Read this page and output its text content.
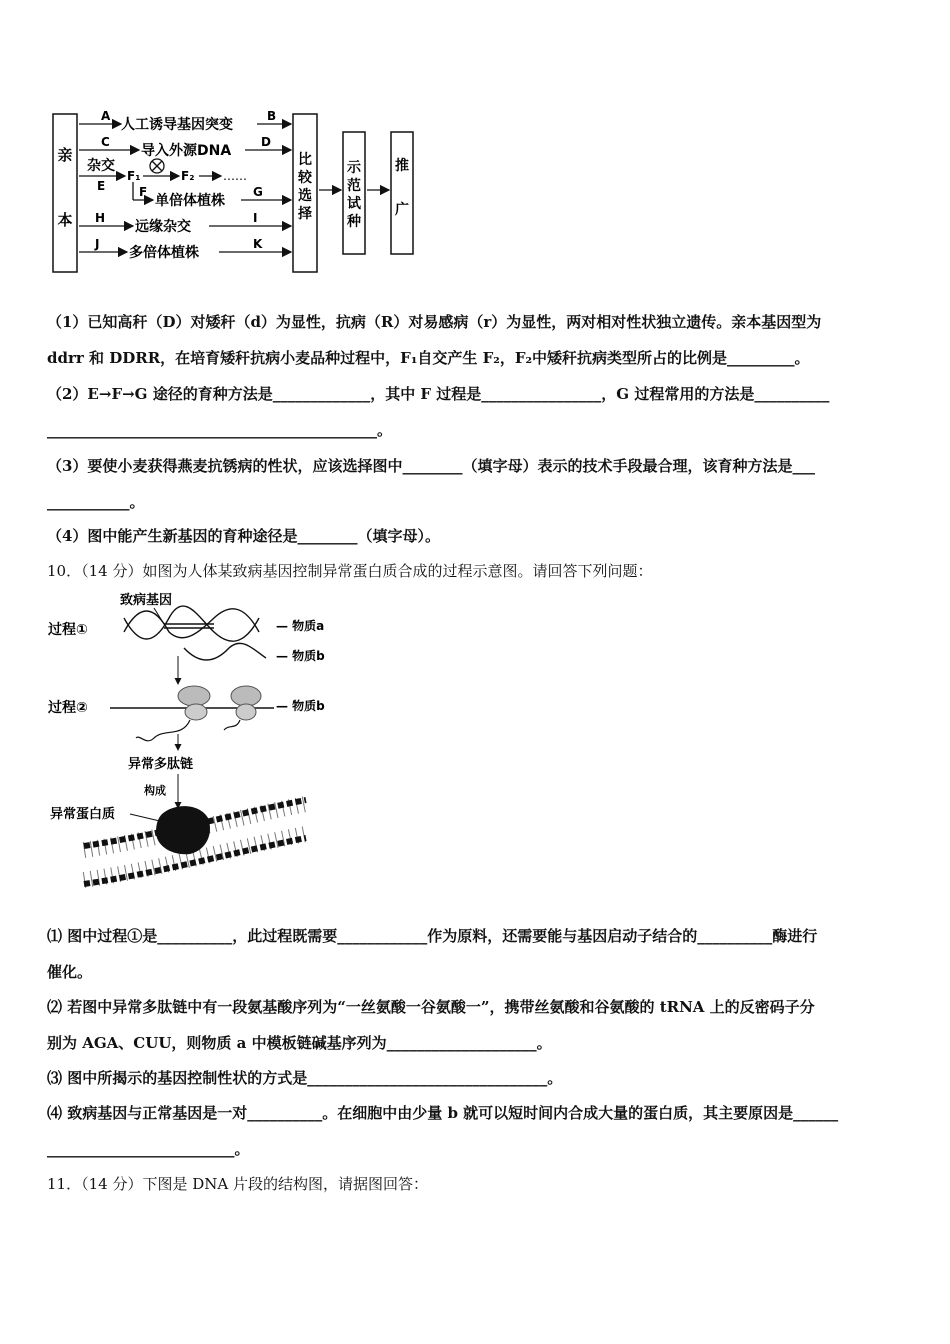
亲
本
比
较
选
择
示
范
试
种
推
广
A
人工诱导基因突变
B
C
导入外源DNA
D
杂交
E
F₁	F₂ ……
F
单倍体植株
G
H
远缘杂交
I
J
多倍体植株
K
（1）已知高秆（D）对矮秆（d）为显性，抗病（R）对易感病（r）为显性，两对相对性状独立遗传。亲本基因型为
ddrr 和 DDRR，在培育矮秆抗病小麦品种过程中，F₁自交产生 F₂，F₂中矮秆抗病类型所占的比例是_________。
（2）E→F→G 途径的育种方法是_____________，其中 F 过程是________________，G 过程常用的方法是__________
____________________________________________。
（3）要使小麦获得燕麦抗锈病的性状，应该选择图中________（填字母）表示的技术手段最合理，该育种方法是___
___________。
（4）图中能产生新基因的育种途径是________（填字母）。
10．（14 分）如图为人体某致病基因控制异常蛋白质合成的过程示意图。请回答下列问题：
致病基因
过程①	— 物质a
— 物质b
过程②	— 物质b
异常多肽链
构成
异常蛋白质
⑴ 图中过程①是__________，此过程既需要____________作为原料，还需要能与基因启动子结合的__________酶进行
催化。
⑵ 若图中异常多肽链中有一段氨基酸序列为“一丝氨酸一谷氨酸一”，携带丝氨酸和谷氨酸的 tRNA 上的反密码子分
别为 AGA、CUU，则物质 a 中模板链碱基序列为____________________。
⑶ 图中所揭示的基因控制性状的方式是________________________________。
⑷ 致病基因与正常基因是一对__________。在细胞中由少量 b 就可以短时间内合成大量的蛋白质，其主要原因是______
_________________________。
11．（14 分）下图是 DNA 片段的结构图，请据图回答：
